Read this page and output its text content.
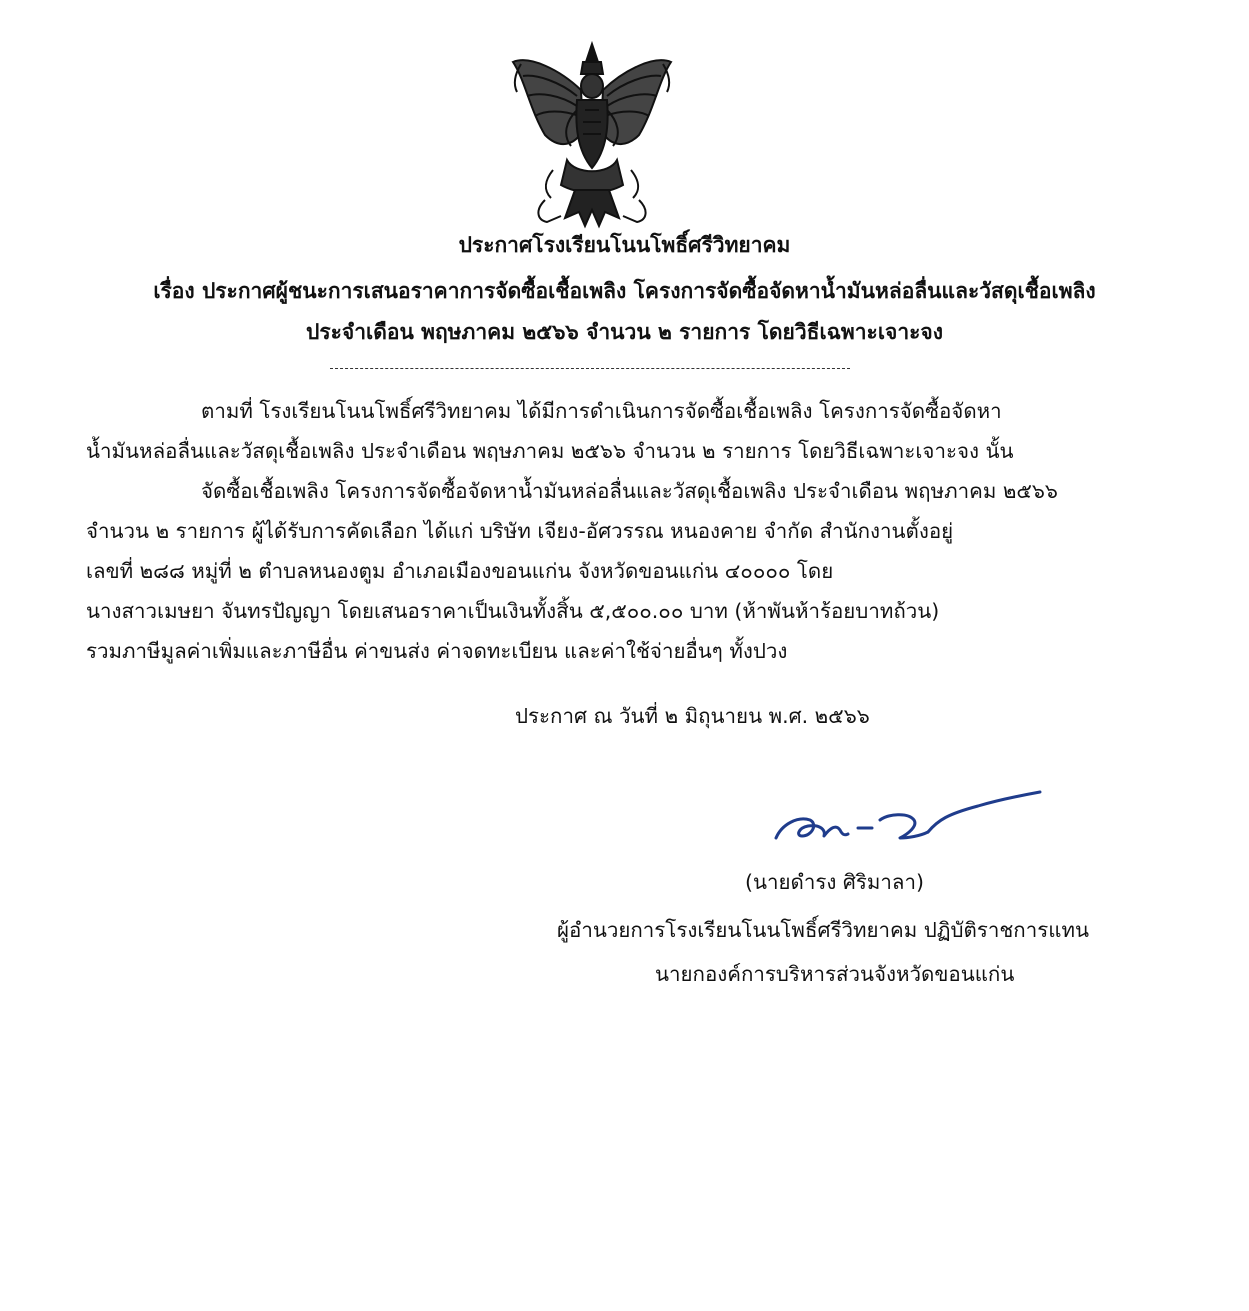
ประกาศโรงเรียนโนนโพธิ์ศรีวิทยาคม
เรื่อง ประกาศผู้ชนะการเสนอราคาการจัดซื้อเชื้อเพลิง โครงการจัดซื้อจัดหาน้ำมันหล่อลื่นและวัสดุเชื้อเพลิง
ประจำเดือน พฤษภาคม ๒๕๖๖ จำนวน ๒ รายการ โดยวิธีเฉพาะเจาะจง
ตามที่ โรงเรียนโนนโพธิ์ศรีวิทยาคม ได้มีการดำเนินการจัดซื้อเชื้อเพลิง โครงการจัดซื้อจัดหา
น้ำมันหล่อลื่นและวัสดุเชื้อเพลิง ประจำเดือน พฤษภาคม ๒๕๖๖ จำนวน ๒ รายการ โดยวิธีเฉพาะเจาะจง นั้น
จัดซื้อเชื้อเพลิง โครงการจัดซื้อจัดหาน้ำมันหล่อลื่นและวัสดุเชื้อเพลิง ประจำเดือน พฤษภาคม ๒๕๖๖
จำนวน ๒ รายการ ผู้ได้รับการคัดเลือก ได้แก่ บริษัท เจียง-อัศวรรณ หนองคาย จำกัด สำนักงานตั้งอยู่
เลขที่ ๒๘๘ หมู่ที่ ๒ ตำบลหนองตูม อำเภอเมืองขอนแก่น จังหวัดขอนแก่น ๔๐๐๐๐ โดย
นางสาวเมษยา จันทรปัญญา โดยเสนอราคาเป็นเงินทั้งสิ้น ๕,๕๐๐.๐๐ บาท (ห้าพันห้าร้อยบาทถ้วน)
รวมภาษีมูลค่าเพิ่มและภาษีอื่น ค่าขนส่ง ค่าจดทะเบียน และค่าใช้จ่ายอื่นๆ ทั้งปวง
ประกาศ ณ วันที่ ๒ มิถุนายน พ.ศ. ๒๕๖๖
(นายดำรง ศิริมาลา)
ผู้อำนวยการโรงเรียนโนนโพธิ์ศรีวิทยาคม ปฏิบัติราชการแทน
นายกองค์การบริหารส่วนจังหวัดขอนแก่น
